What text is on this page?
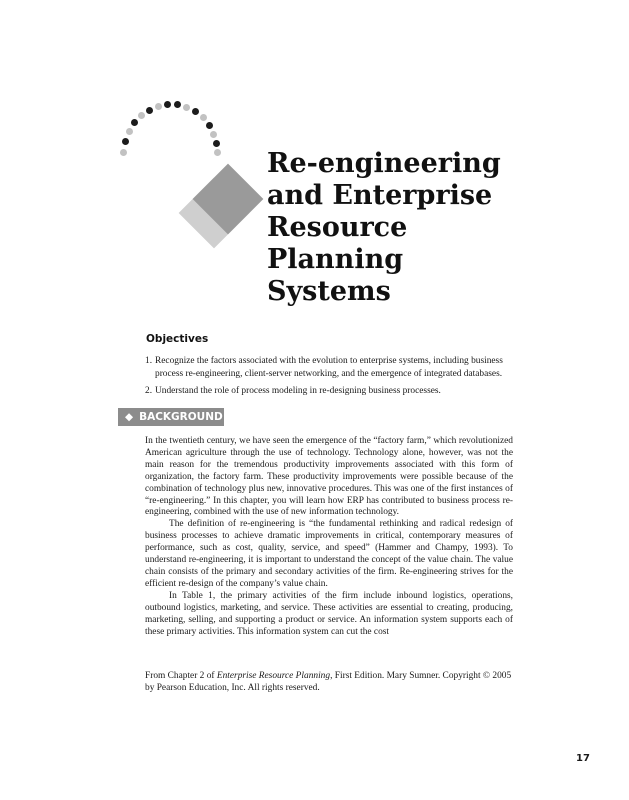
Re-engineering
and Enterprise
Resource
Planning
Systems
Objectives
1. Recognize the factors associated with the evolution to enterprise systems, including business process re-engineering, client-server networking, and the emergence of integrated databases.
2. Understand the role of process modeling in re-designing business processes.
◆ BACKGROUND

In the twentieth century, we have seen the emergence of the “factory farm,” which revolutionized American agriculture through the use of technology. Technology alone, however, was not the main reason for the tremendous productivity improvements associated with this form of organization, the factory farm. These productivity improvements were possible because of the combination of technology plus new, innovative procedures. This was one of the first instances of “re-engineering.” In this chapter, you will learn how ERP has contributed to business process re-engineering, combined with the use of new information technology.

The definition of re-engineering is “the fundamental rethinking and radical redesign of business processes to achieve dramatic improvements in critical, contemporary measures of performance, such as cost, quality, service, and speed” (Hammer and Champy, 1993). To understand re-engineering, it is important to understand the concept of the value chain. The value chain consists of the primary and secondary activities of the firm. Re-engineering strives for the efficient re-design of the company’s value chain.

In Table 1, the primary activities of the firm include inbound logistics, operations, outbound logistics, marketing, and service. These activities are essential to creating, producing, marketing, selling, and supporting a product or service. An information system supports each of these primary activities. This information system can cut the cost

From Chapter 2 of Enterprise Resource Planning, First Edition. Mary Sumner. Copyright © 2005 by Pearson Education, Inc. All rights reserved.
17
